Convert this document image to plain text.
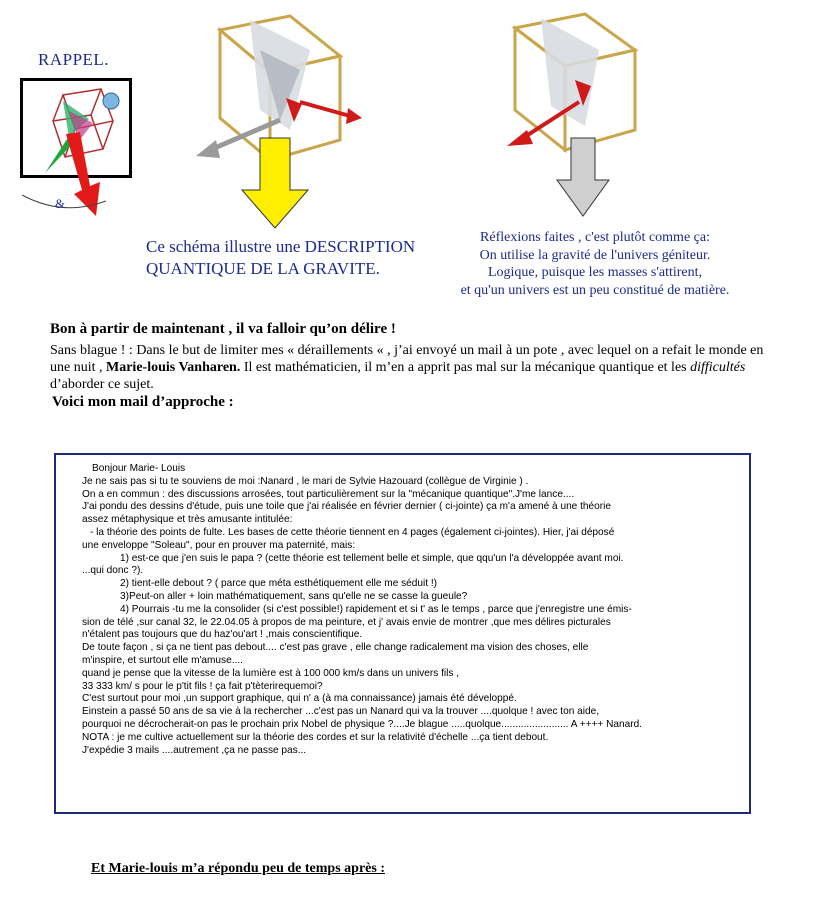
RAPPEL.
&
Ce schéma illustre une DESCRIPTION
QUANTIQUE DE LA GRAVITE.
Réflexions faites , c'est plutôt comme ça:
On utilise la gravité de l'univers géniteur.
Logique, puisque les masses s'attirent,
et qu'un univers est un peu constitué de matière.
Bon à partir de maintenant , il va falloir qu’on délire !
Sans blague ! : Dans le but de limiter mes « déraillements « , j’ai envoyé un mail à un pote , avec lequel on a refait le monde en une nuit , Marie-louis Vanharen. Il est mathématicien, il m’en a apprit pas mal sur la mécanique quantique et les difficultés d’aborder ce sujet.
Voici mon mail d’approche :
Bonjour Marie- Louis
Je ne sais pas si tu te souviens de moi :Nanard , le mari de Sylvie Hazouard (collègue de Virginie ) .
On a en commun : des discussions arrosées, tout particulièrement sur la "mécanique quantique".J'me lance....
J'ai pondu des dessins d'étude, puis une toile que j'ai réalisée en février dernier ( ci-jointe) ça m'a amené à une théorie
assez métaphysique et très amusante intitulée:
- la théorie des points de fulte. Les bases de cette théorie tiennent en 4 pages (également ci-jointes). Hier, j'ai déposé
une enveloppe "Soleau", pour en prouver ma paternité, mais:
1) est-ce que j'en suis le papa ? (cette théorie est tellement belle et simple, que qqu'un l'a développée avant moi.
...qui donc ?).
2) tient-elle debout ? ( parce que méta esthétiquement elle me séduit !)
3)Peut-on aller + loin mathématiquement, sans qu'elle ne se casse la gueule?
4) Pourrais -tu me la consolider (si c'est possible!) rapidement et si t' as le temps , parce que j'enregistre une émis-
sion de télé ,sur canal 32, le 22.04.05 à propos de ma peinture, et j' avais envie de montrer ,que mes délires picturales
n'étalent pas toujours que du haz'ou'art ! ,mais conscientifique.
De toute façon , si ça ne tient pas debout.... c'est pas grave , elle change radicalement ma vision des choses, elle
m'inspire, et surtout elle m'amuse....
quand je pense que la vitesse de la lumière est à 100 000 km/s dans un univers fils ,
33 333 km/ s pour le p'tit fils ! ça fait p'tèterirequemoi?
C'est surtout pour moi ,un support graphique, qui n' a (à ma connaissance) jamais été développé.
Einstein a passé 50 ans de sa vie à la rechercher ...c'est pas un Nanard qui va la trouver ....quolque ! avec ton aide,
pourquoi ne décrocherait-on pas le prochain prix Nobel de physique ?....Je blague .....quolque........................ A ++++ Nanard.
NOTA : je me cultive actuellement sur la théorie des cordes et sur la relativité d'échelle ...ça tient debout.
J'expédie 3 mails ....autrement ,ça ne passe pas...
Et Marie-louis m’a répondu peu de temps après :
